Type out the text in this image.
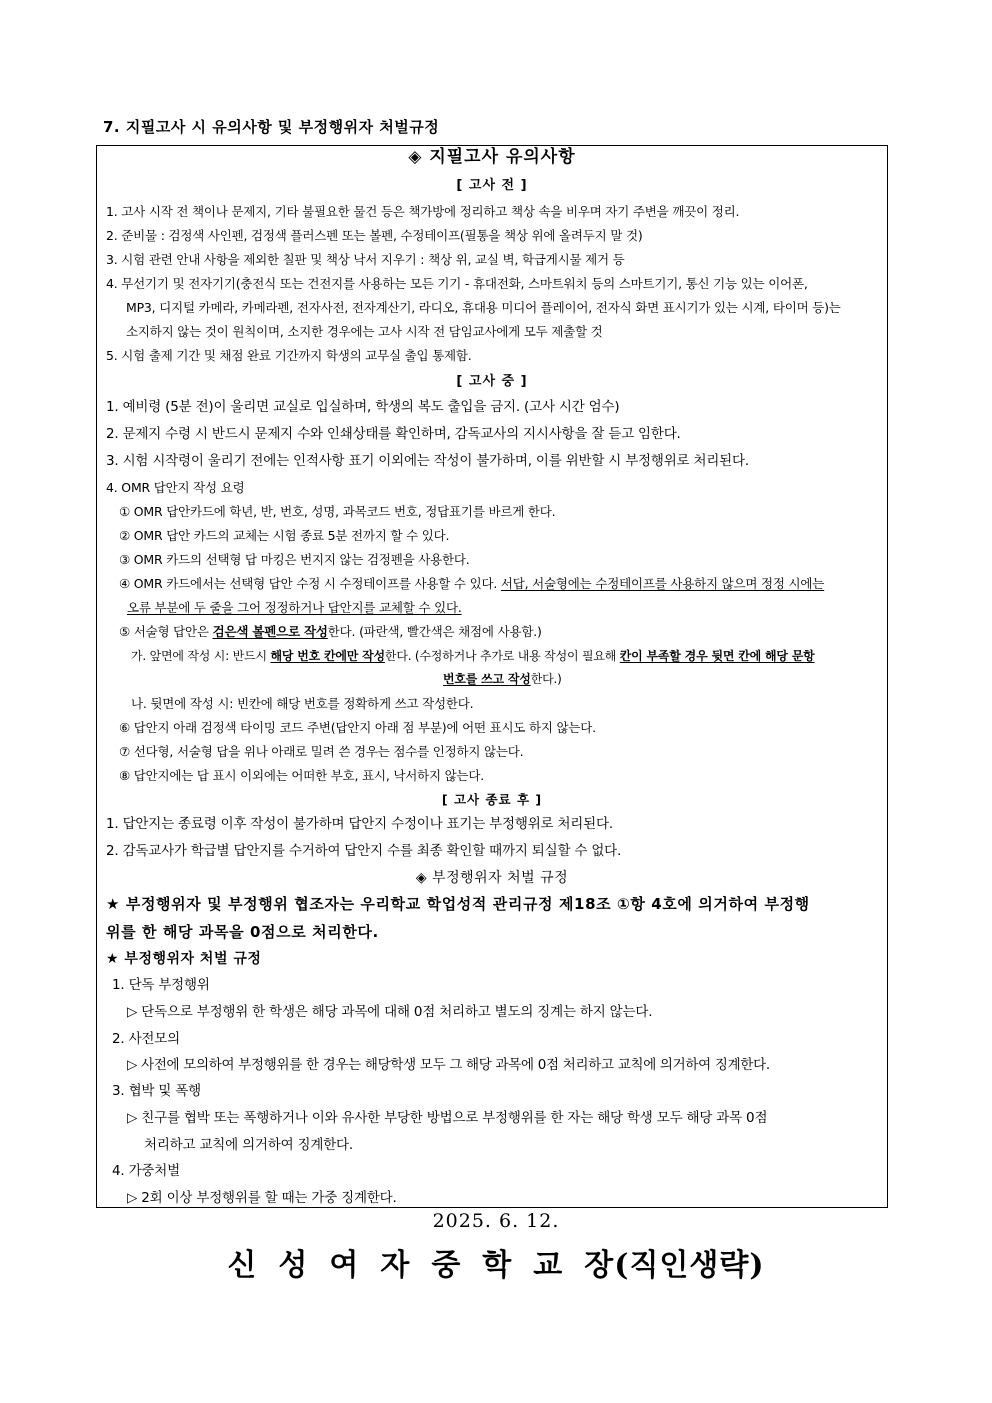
7. 지필고사 시 유의사항 및 부정행위자 처벌규정
◈ 지필고사 유의사항
[ 고사 전 ]
1. 고사 시작 전 책이나 문제지, 기타 불필요한 물건 등은 책가방에 정리하고 책상 속을 비우며 자기 주변을 깨끗이 정리.
2. 준비물 : 검정색 사인펜, 검정색 플러스펜 또는 볼펜, 수정테이프(필통을 책상 위에 올려두지 말 것)
3. 시험 관련 안내 사항을 제외한 칠판 및 책상 낙서 지우기 : 책상 위, 교실 벽, 학급게시물 제거 등
4. 무선기기 및 전자기기(충전식 또는 건전지를 사용하는 모든 기기 - 휴대전화, 스마트워치 등의 스마트기기, 통신 기능 있는 이어폰,
MP3, 디지털 카메라, 카메라펜, 전자사전, 전자계산기, 라디오, 휴대용 미디어 플레이어, 전자식 화면 표시기가 있는 시계, 타이머 등)는
소지하지 않는 것이 원칙이며, 소지한 경우에는 고사 시작 전 담임교사에게 모두 제출할 것
5. 시험 출제 기간 및 채점 완료 기간까지 학생의 교무실 출입 통제함.
[ 고사 중 ]
1. 예비령 (5분 전)이 울리면 교실로 입실하며, 학생의 복도 출입을 금지. (고사 시간 엄수)
2. 문제지 수령 시 반드시 문제지 수와 인쇄상태를 확인하며, 감독교사의 지시사항을 잘 듣고 임한다.
3. 시험 시작령이 울리기 전에는 인적사항 표기 이외에는 작성이 불가하며, 이를 위반할 시 부정행위로 처리된다.
4. OMR 답안지 작성 요령
① OMR 답안카드에 학년, 반, 번호, 성명, 과목코드 번호, 정답표기를 바르게 한다.
② OMR 답안 카드의 교체는 시험 종료 5분 전까지 할 수 있다.
③ OMR 카드의 선택형 답 마킹은 번지지 않는 검정펜을 사용한다.
④ OMR 카드에서는 선택형 답안 수정 시 수정테이프를 사용할 수 있다. 서답, 서술형에는 수정테이프를 사용하지 않으며 정정 시에는
오류 부분에 두 줄을 그어 정정하거나 답안지를 교체할 수 있다.
⑤ 서술형 답안은 검은색 볼펜으로 작성한다. (파란색, 빨간색은 채점에 사용함.)
가. 앞면에 작성 시: 반드시 해당 번호 칸에만 작성한다. (수정하거나 추가로 내용 작성이 필요해 칸이 부족할 경우 뒷면 칸에 해당 문항
번호를 쓰고 작성한다.)
나. 뒷면에 작성 시: 빈칸에 해당 번호를 정확하게 쓰고 작성한다.
⑥ 답안지 아래 검정색 타이밍 코드 주변(답안지 아래 점 부분)에 어떤 표시도 하지 않는다.
⑦ 선다형, 서술형 답을 위나 아래로 밀려 쓴 경우는 점수를 인정하지 않는다.
⑧ 답안지에는 답 표시 이외에는 어떠한 부호, 표시, 낙서하지 않는다.
[ 고사 종료 후 ]
1. 답안지는 종료령 이후 작성이 불가하며 답안지 수정이나 표기는 부정행위로 처리된다.
2. 감독교사가 학급별 답안지를 수거하여 답안지 수를 최종 확인할 때까지 퇴실할 수 없다.
◈ 부정행위자 처벌 규정
★ 부정행위자 및 부정행위 협조자는 우리학교 학업성적 관리규정 제18조 ①항 4호에 의거하여 부정행
위를 한 해당 과목을 0점으로 처리한다.
★ 부정행위자 처벌 규정
1. 단독 부정행위
▷ 단독으로 부정행위 한 학생은 해당 과목에 대해 0점 처리하고 별도의 징계는 하지 않는다.
2. 사전모의
▷ 사전에 모의하여 부정행위를 한 경우는 해당학생 모두 그 해당 과목에 0점 처리하고 교칙에 의거하여 징계한다.
3. 협박 및 폭행
▷ 친구를 협박 또는 폭행하거나 이와 유사한 부당한 방법으로 부정행위를 한 자는 해당 학생 모두 해당 과목 0점
처리하고 교칙에 의거하여 징계한다.
4. 가중처벌
▷ 2회 이상 부정행위를 할 때는 가중 징계한다.
2025. 6. 12.
신성여자중학교장(직인생략)
